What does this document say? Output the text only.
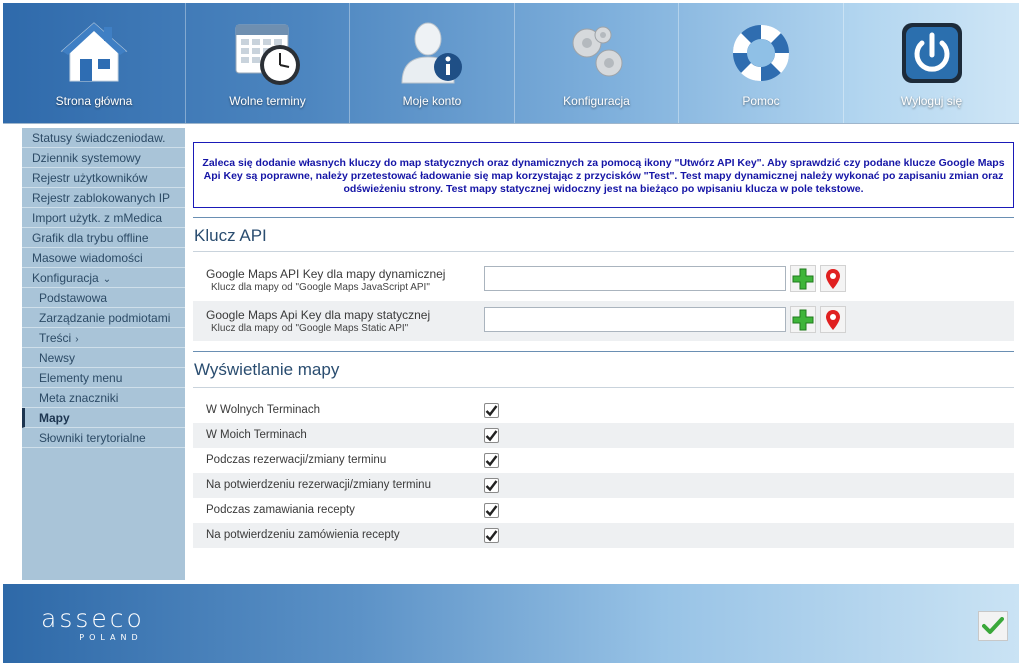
Strona główna	Wolne terminy	Moje konto	Konfiguracja	Pomoc	Wyloguj się
Statusy świadczeniodaw.
Dziennik systemowy
Rejestr użytkowników
Rejestr zablokowanych IP
Import użytk. z mMedica
Grafik dla trybu offline
Masowe wiadomości
Konfiguracja ⌄
Podstawowa
Zarządzanie podmiotami
Treści ›
Newsy
Elementy menu
Meta znaczniki
Mapy
Słowniki terytorialne
Zaleca się dodanie własnych kluczy do map statycznych oraz dynamicznych za pomocą ikony "Utwórz API Key". Aby sprawdzić czy podane klucze Google Maps Api Key są poprawne, należy przetestować ładowanie się map korzystając z przycisków "Test". Test mapy dynamicznej należy wykonać po zapisaniu zmian oraz odświeżeniu strony. Test mapy statycznej widoczny jest na bieżąco po wpisaniu klucza w pole tekstowe.
Klucz API
Google Maps API Key dla mapy dynamicznej
Klucz dla mapy od "Google Maps JavaScript API"
Google Maps Api Key dla mapy statycznej
Klucz dla mapy od "Google Maps Static API"
Wyświetlanie mapy
W Wolnych Terminach
W Moich Terminach
Podczas rezerwacji/zmiany terminu
Na potwierdzeniu rezerwacji/zmiany terminu
Podczas zamawiania recepty
Na potwierdzeniu zamówienia recepty
asseco
POLAND
